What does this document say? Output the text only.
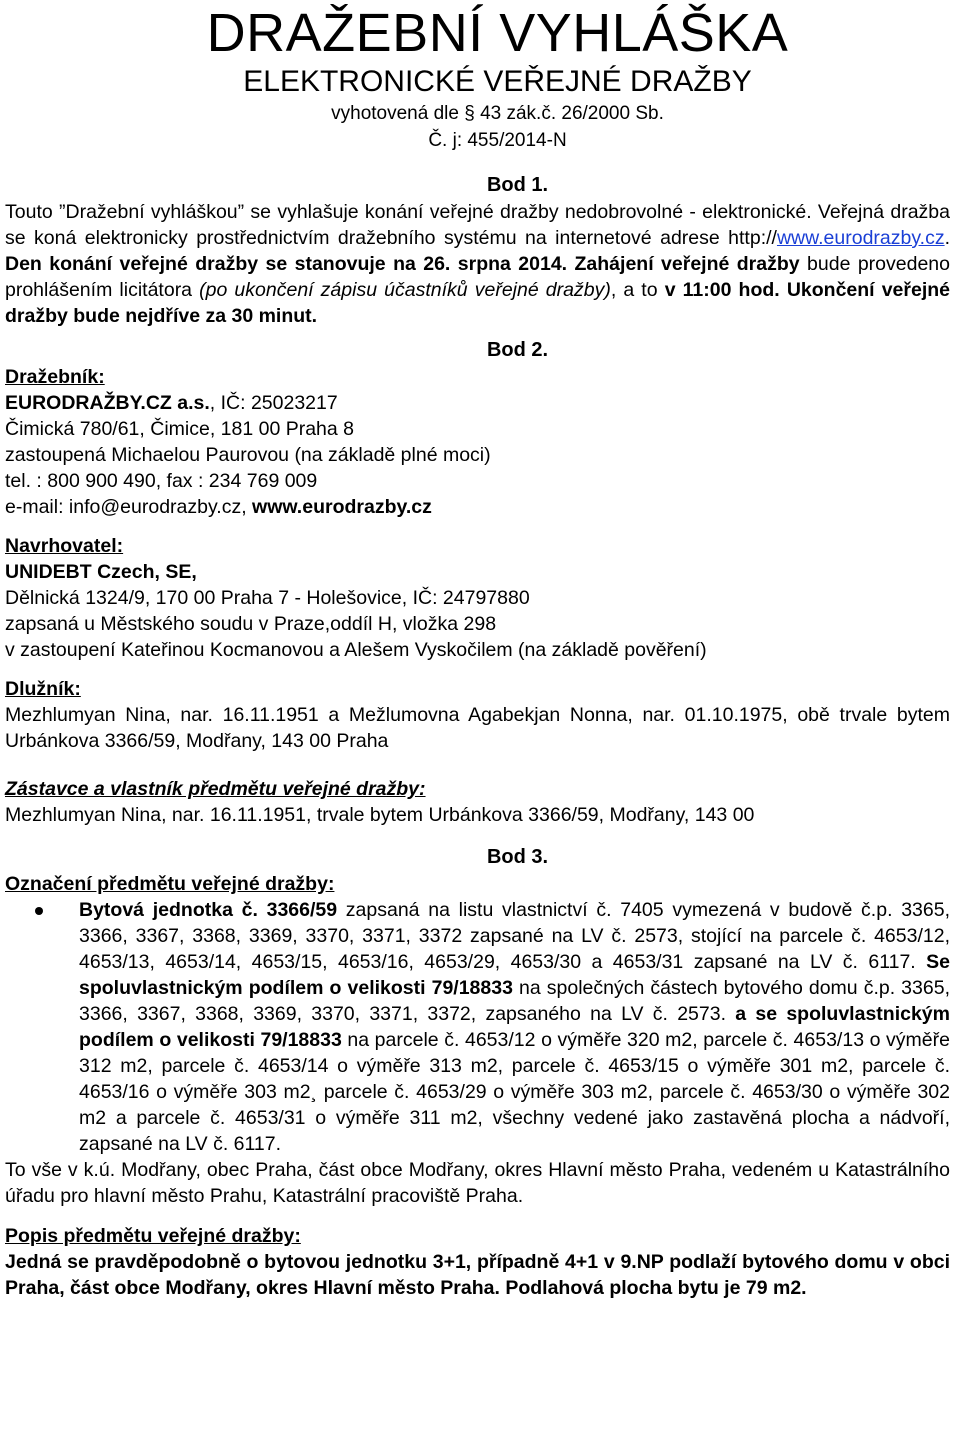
DRAŽEBNÍ VYHLÁŠKA
ELEKTRONICKÉ VEŘEJNÉ DRAŽBY
vyhotovená dle § 43 zák.č. 26/2000 Sb.
Č. j: 455/2014-N
Bod 1.
Touto ”Dražební vyhláškou” se vyhlašuje konání veřejné dražby nedobrovolné - elektronické. Veřejná dražba se koná elektronicky prostřednictvím dražebního systému na internetové adrese http://www.eurodrazby.cz. Den konání veřejné dražby se stanovuje na 26. srpna 2014. Zahájení veřejné dražby bude provedeno prohlášením licitátora (po ukončení zápisu účastníků veřejné dražby), a to v 11:00 hod. Ukončení veřejné dražby bude nejdříve za 30 minut.
Bod 2.
Dražebník:
EURODRAŽBY.CZ a.s., IČ: 25023217
Čimická 780/61, Čimice, 181 00 Praha 8
zastoupená Michaelou Paurovou (na základě plné moci)
tel. : 800 900 490, fax : 234 769 009
e-mail: info@eurodrazby.cz, www.eurodrazby.cz
Navrhovatel:
UNIDEBT Czech, SE,
Dělnická 1324/9, 170 00 Praha 7 - Holešovice, IČ: 24797880
zapsaná u Městského soudu v Praze,oddíl H, vložka 298
v zastoupení Kateřinou Kocmanovou a Alešem Vyskočilem (na základě pověření)
Dlužník:
Mezhlumyan Nina, nar. 16.11.1951 a Mežlumovna Agabekjan Nonna, nar. 01.10.1975, obě trvale bytem Urbánkova 3366/59, Modřany, 143 00 Praha
Zástavce a vlastník předmětu veřejné dražby:
Mezhlumyan Nina, nar. 16.11.1951, trvale bytem Urbánkova 3366/59, Modřany, 143 00
Bod 3.
Označení předmětu veřejné dražby:
Bytová jednotka č. 3366/59 zapsaná na listu vlastnictví č. 7405 vymezená v budově č.p. 3365, 3366, 3367, 3368, 3369, 3370, 3371, 3372 zapsané na LV č. 2573, stojící na parcele č. 4653/12, 4653/13, 4653/14, 4653/15, 4653/16, 4653/29, 4653/30 a 4653/31 zapsané na LV č. 6117. Se spoluvlastnickým podílem o velikosti 79/18833 na společných částech bytového domu č.p. 3365, 3366, 3367, 3368, 3369, 3370, 3371, 3372, zapsaného na LV č. 2573. a se spoluvlastnickým podílem o velikosti 79/18833 na parcele č. 4653/12 o výměře 320 m2, parcele č. 4653/13 o výměře 312 m2, parcele č. 4653/14 o výměře 313 m2, parcele č. 4653/15 o výměře 301 m2, parcele č. 4653/16 o výměře 303 m2¸ parcele č. 4653/29 o výměře 303 m2, parcele č. 4653/30 o výměře 302 m2 a parcele č. 4653/31 o výměře 311 m2, všechny vedené jako zastavěná plocha a nádvoří, zapsané na LV č. 6117.
To vše v k.ú. Modřany, obec Praha, část obce Modřany, okres Hlavní město Praha, vedeném u Katastrálního úřadu pro hlavní město Prahu, Katastrální pracoviště Praha.
Popis předmětu veřejné dražby:
Jedná se pravděpodobně o bytovou jednotku 3+1, případně 4+1 v 9.NP podlaží bytového domu v obci Praha, část obce Modřany, okres Hlavní město Praha. Podlahová plocha bytu je 79 m2.
